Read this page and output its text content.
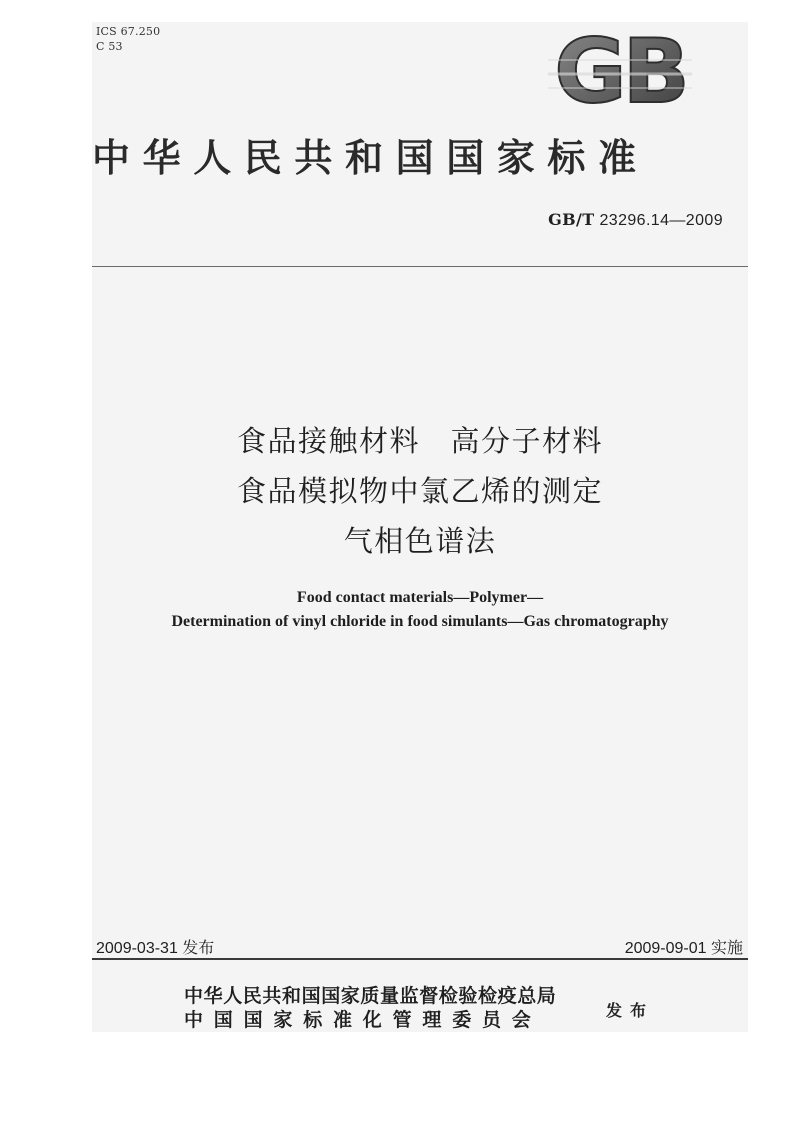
ICS 67.250
C 53	GB
中华人民共和国国家标准
GB/T 23296.14—2009
食品接触材料　高分子材料
食品模拟物中氯乙烯的测定
气相色谱法
Food contact materials—Polymer—
Determination of vinyl chloride in food simulants—Gas chromatography
2009-03-31 发布	2009-09-01 实施
中华人民共和国国家质量监督检验检疫总局
中国国家标准化管理委员会	发布
